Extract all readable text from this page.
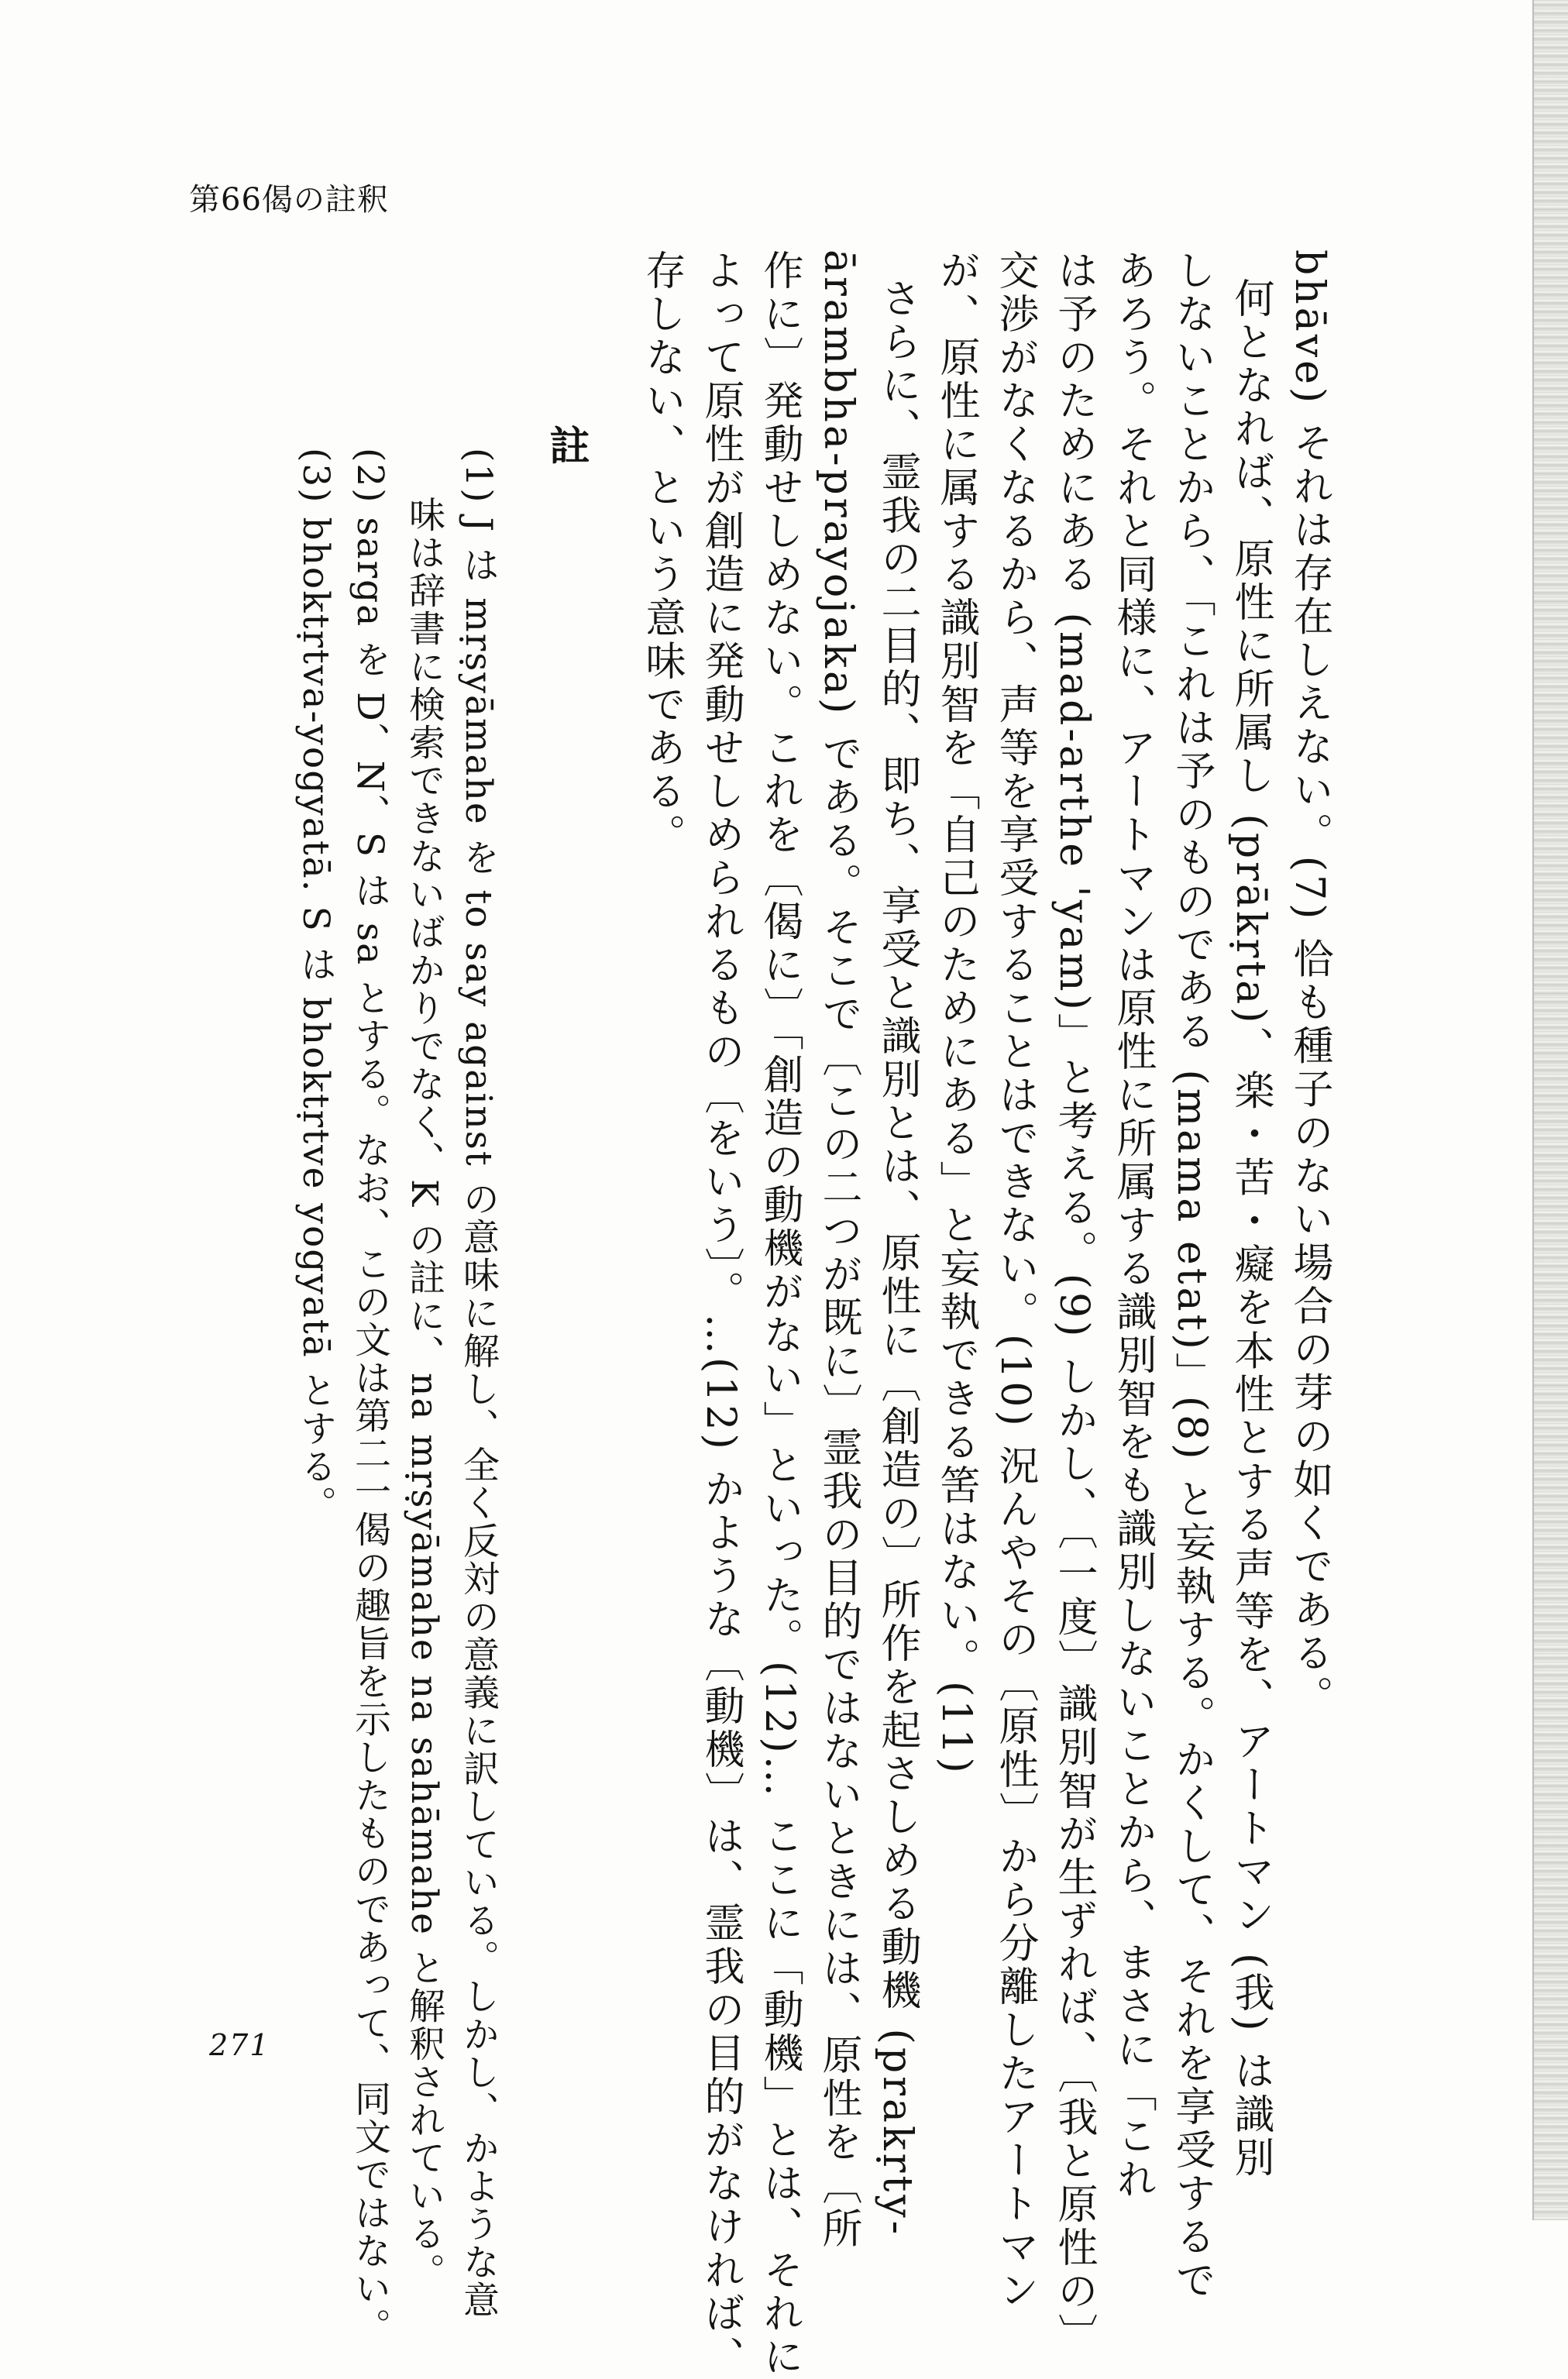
第66偈の註釈
bhāve) それは存在しえない。(7) 恰も種子のない場合の芽の如くである。
何となれば、原性に所属し (prākṛta)、楽・苦・癡を本性とする声等を、アートマン (我) は識別
しないことから、「これは予のものである (mama etat)」(8) と妄執する。かくして、それを享受するで
あろう。それと同様に、アートマンは原性に所属する識別智をも識別しないことから、まさに「これ
は予のためにある (mad-arthe 'yam)」と考える。(9) しかし、〔一度〕識別智が生ずれば、〔我と原性の〕
交渉がなくなるから、声等を享受することはできない。(10) 況んやその〔原性〕から分離したアートマン
が、原性に属する識別智を「自己のためにある」と妄執できる筈はない。(11)
さらに、霊我の二目的、即ち、享受と識別とは、原性に〔創造の〕所作を起さしめる動機 (prakṛty-
ārambha-prayojaka) である。そこで〔この二つが既に〕霊我の目的ではないときには、原性を〔所
作に〕発動せしめない。これを〔偈に〕「創造の動機がない」といった。(12)… ここに「動機」とは、それに
よって原性が創造に発動せしめられるもの〔をいう〕。…(12) かような〔動機〕は、霊我の目的がなければ、
存しない、という意味である。
註
(1) J は mṛṣyāmahe を to say against の意味に解し、全く反対の意義に訳している。しかし、かような意
味は辞書に検索できないばかりでなく、K の註に、na mṛṣyāmahe na sahāmahe と解釈されている。
(2) sarga を D、N、S は sa とする。なお、この文は第二一偈の趣旨を示したものであって、同文ではない。
(3) bhoktṛtva-yogyatā. S は bhoktṛtve yogyatā とする。
271
